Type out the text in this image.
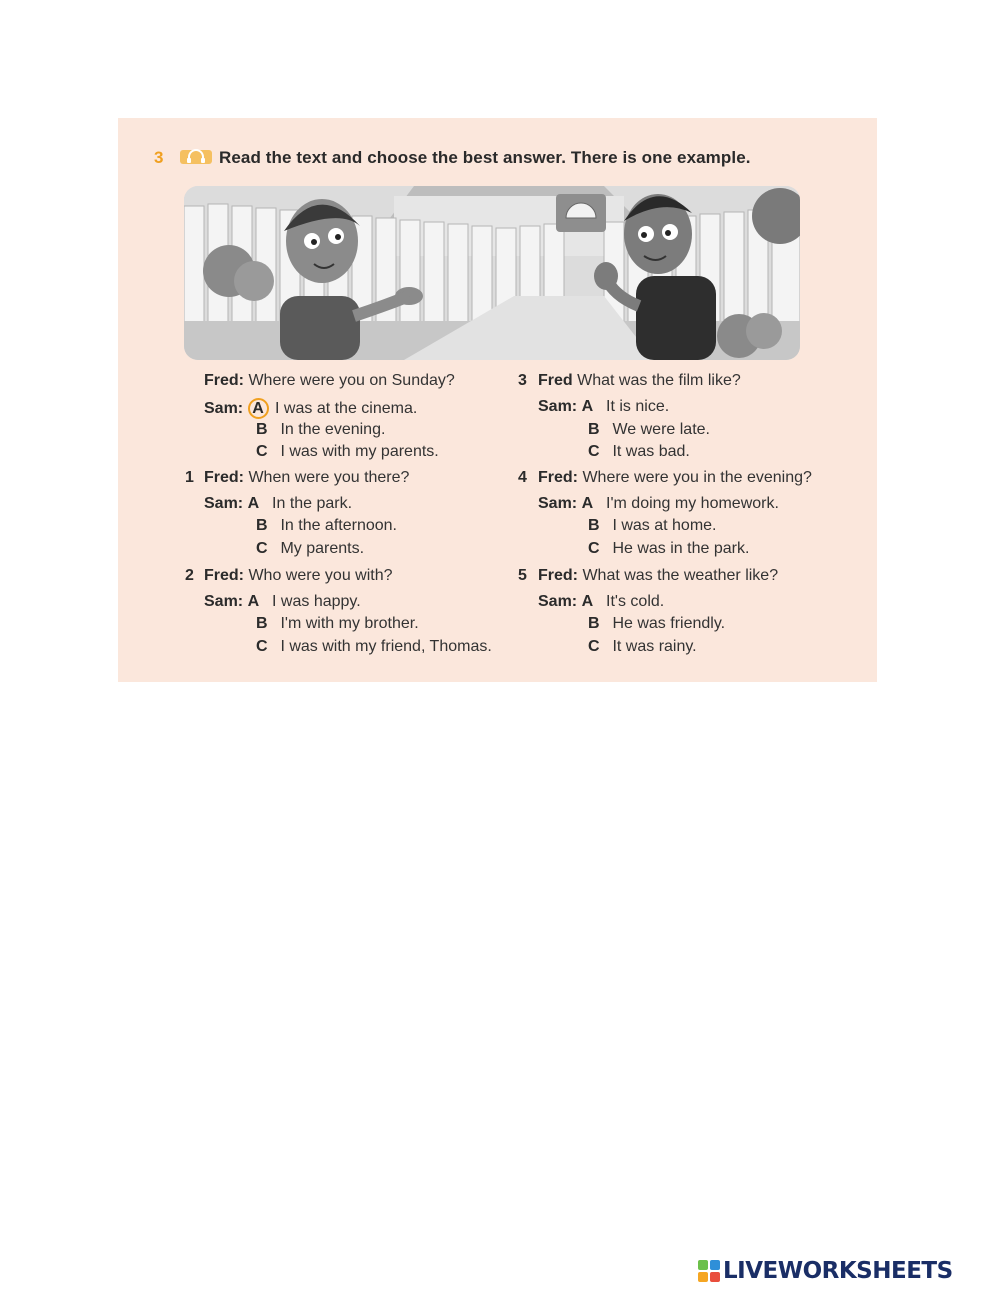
3	Read the text and choose the best answer. There is one example.
Fred: Where were you on Sunday?
Sam: A I was at the cinema.
B In the evening.
C I was with my parents.
1 Fred: When were you there?
Sam: A In the park.
B In the afternoon.
C My parents.
2 Fred: Who were you with?
Sam: A I was happy.
B I'm with my brother.
C I was with my friend, Thomas.
3 Fred What was the film like?
Sam: A It is nice.
B We were late.
C It was bad.
4 Fred: Where were you in the evening?
Sam: A I'm doing my homework.
B I was at home.
C He was in the park.
5 Fred: What was the weather like?
Sam: A It's cold.
B He was friendly.
C It was rainy.
LIVEWORKSHEETS
